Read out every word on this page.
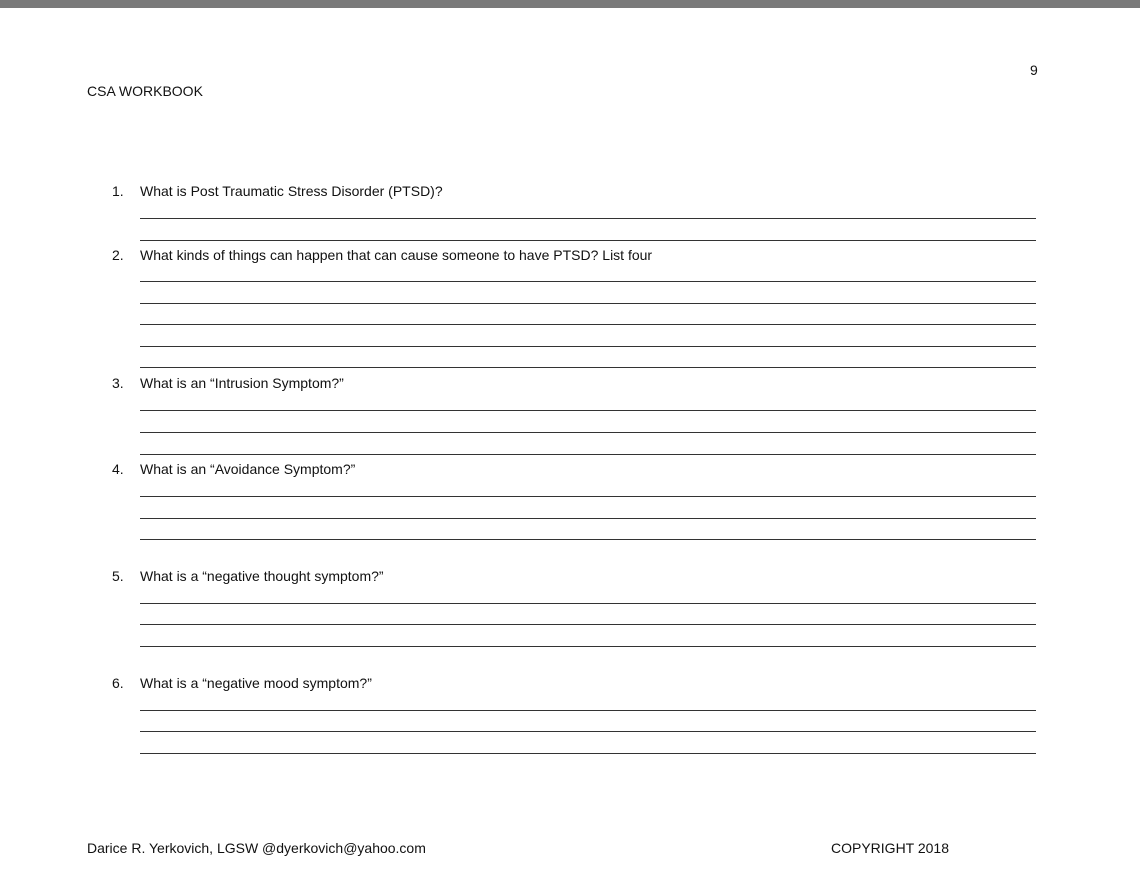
9
CSA WORKBOOK
1. What is Post Traumatic Stress Disorder (PTSD)?
2. What kinds of things can happen that can cause someone to have PTSD? List four
3. What is an “Intrusion Symptom?”
4. What is an “Avoidance Symptom?”
5. What is a “negative thought symptom?”
6. What is a “negative mood symptom?”
Darice R. Yerkovich, LGSW @dyerkovich@yahoo.com	COPYRIGHT 2018
